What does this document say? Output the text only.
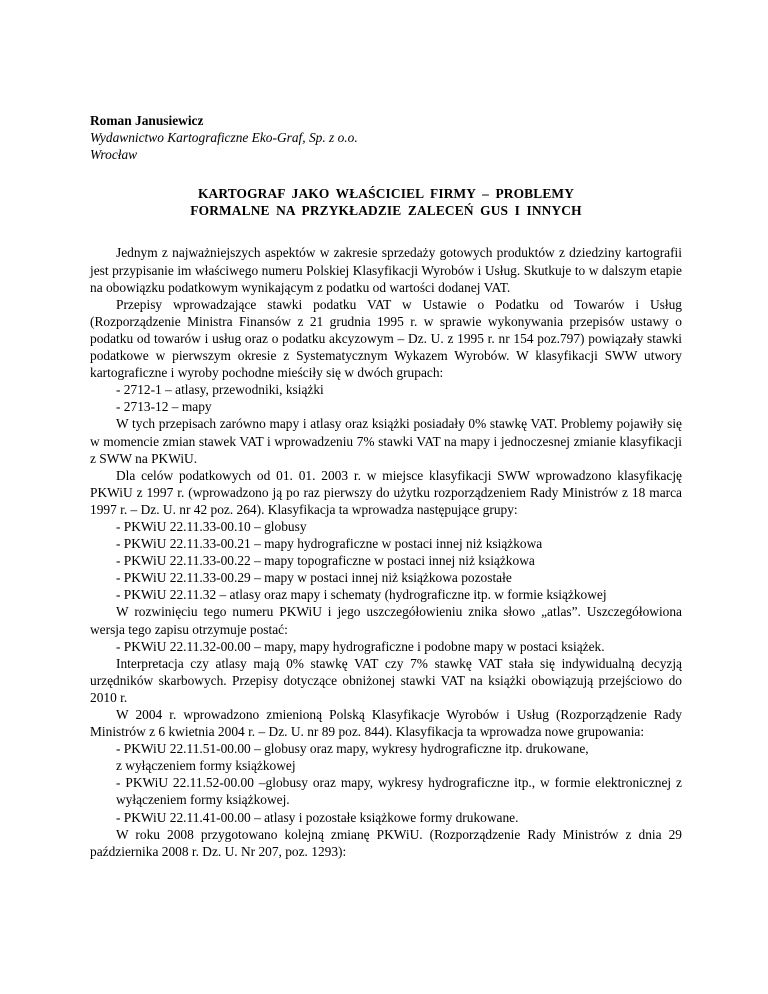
Roman Janusiewicz
Wydawnictwo Kartograficzne Eko-Graf, Sp. z o.o.
Wrocław
KARTOGRAF JAKO WŁAŚCICIEL FIRMY – PROBLEMY
FORMALNE NA PRZYKŁADZIE ZALECEŃ GUS I INNYCH

Jednym z najważniejszych aspektów w zakresie sprzedaży gotowych produktów z dziedziny kartografii jest przypisanie im właściwego numeru Polskiej Klasyfikacji Wyrobów i Usług. Skutkuje to w dalszym etapie na obowiązku podatkowym wynikającym z podatku od wartości dodanej VAT.

Przepisy wprowadzające stawki podatku VAT w Ustawie o Podatku od Towarów i Usług (Rozporządzenie Ministra Finansów z 21 grudnia 1995 r. w sprawie wykonywania przepisów ustawy o podatku od towarów i usług oraz o podatku akcyzowym – Dz. U. z 1995 r. nr 154 poz.797) powiązały stawki podatkowe w pierwszym okresie z Systematycznym Wykazem Wyrobów. W klasyfikacji SWW utwory kartograficzne i wyroby pochodne mieściły się w dwóch grupach:

- 2712-1 – atlasy, przewodniki, książki
- 2713-12 – mapy

W tych przepisach zarówno mapy i atlasy oraz książki posiadały 0% stawkę VAT. Problemy pojawiły się w momencie zmian stawek VAT i wprowadzeniu 7% stawki VAT na mapy i jednoczesnej zmianie klasyfikacji z SWW na PKWiU.

Dla celów podatkowych od 01. 01. 2003 r. w miejsce klasyfikacji SWW wprowadzono klasyfikację PKWiU z 1997 r. (wprowadzono ją po raz pierwszy do użytku rozporządzeniem Rady Ministrów z 18 marca 1997 r. – Dz. U. nr 42 poz. 264). Klasyfikacja ta wprowadza następujące grupy:

- PKWiU 22.11.33-00.10 – globusy
- PKWiU 22.11.33-00.21 – mapy hydrograficzne w postaci innej niż książkowa
- PKWiU 22.11.33-00.22 – mapy topograficzne w postaci innej niż książkowa
- PKWiU 22.11.33-00.29 – mapy w postaci innej niż książkowa pozostałe
- PKWiU 22.11.32 – atlasy oraz mapy i schematy (hydrograficzne itp. w formie książkowej

W rozwinięciu tego numeru PKWiU i jego uszczegółowieniu znika słowo „atlas”. Uszczegółowiona wersja tego zapisu otrzymuje postać:

- PKWiU 22.11.32-00.00 – mapy, mapy hydrograficzne i podobne mapy w postaci książek.

Interpretacja czy atlasy mają 0% stawkę VAT czy 7% stawkę VAT stała się indywidualną decyzją urzędników skarbowych. Przepisy dotyczące obniżonej stawki VAT na książki obowiązują przejściowo do 2010 r.

W 2004 r. wprowadzono zmienioną Polską Klasyfikacje Wyrobów i Usług (Rozporządzenie Rady Ministrów z 6 kwietnia 2004 r. – Dz. U. nr 89 poz. 844). Klasyfikacja ta wprowadza nowe grupowania:

- PKWiU 22.11.51-00.00 – globusy oraz mapy, wykresy hydrograficzne itp. drukowane,
z wyłączeniem formy książkowej
- PKWiU 22.11.52-00.00 –globusy oraz mapy, wykresy hydrograficzne itp., w formie elektronicznej z wyłączeniem formy książkowej.
- PKWiU 22.11.41-00.00 – atlasy i pozostałe książkowe formy drukowane.

W roku 2008 przygotowano kolejną zmianę PKWiU. (Rozporządzenie Rady Ministrów z dnia 29 października 2008 r. Dz. U. Nr 207, poz. 1293):
